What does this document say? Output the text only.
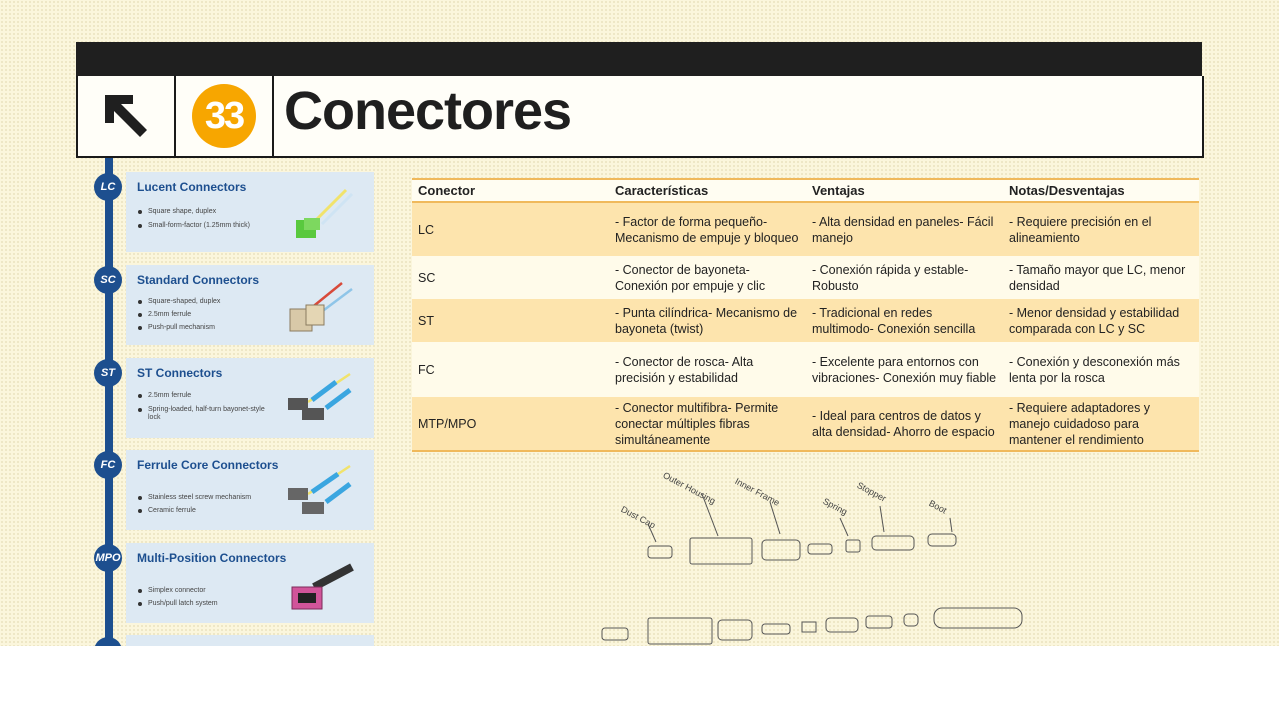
33 Conectores
LC	Lucent Connectors
Square shape, duplex
Small-form-factor (1.25mm thick)
SC	Standard Connectors
Square-shaped, duplex
2.5mm ferrule
Push-pull mechanism
ST	ST Connectors
2.5mm ferrule
Spring-loaded, half-turn bayonet-style lock
FC	Ferrule Core Connectors
Stainless steel screw mechanism
Ceramic ferrule
MPO Multi-Position Connectors
Simplex connector
Push/pull latch system
Conector	Características	Ventajas	Notas/Desventajas
LC	- Factor de forma pequeño- Mecanismo de empuje y bloqueo	- Alta densidad en paneles- Fácil manejo	- Requiere precisión en el alineamiento
SC	- Conector de bayoneta- Conexión por empuje y clic	- Conexión rápida y estable- Robusto	- Tamaño mayor que LC, menor densidad
ST	- Punta cilíndrica- Mecanismo de bayoneta (twist)	- Tradicional en redes multimodo- Conexión sencilla	- Menor densidad y estabilidad comparada con LC y SC
FC	- Conector de rosca- Alta precisión y estabilidad	- Excelente para entornos con vibraciones- Conexión muy fiable	- Conexión y desconexión más lenta por la rosca
MTP/MPO	- Conector multifibra- Permite conectar múltiples fibras simultáneamente	- Ideal para centros de datos y alta densidad- Ahorro de espacio	- Requiere adaptadores y manejo cuidadoso para mantener el rendimiento
Dust Cap
Outer Housing Inner Frame	Spring
Stopper
Boot
